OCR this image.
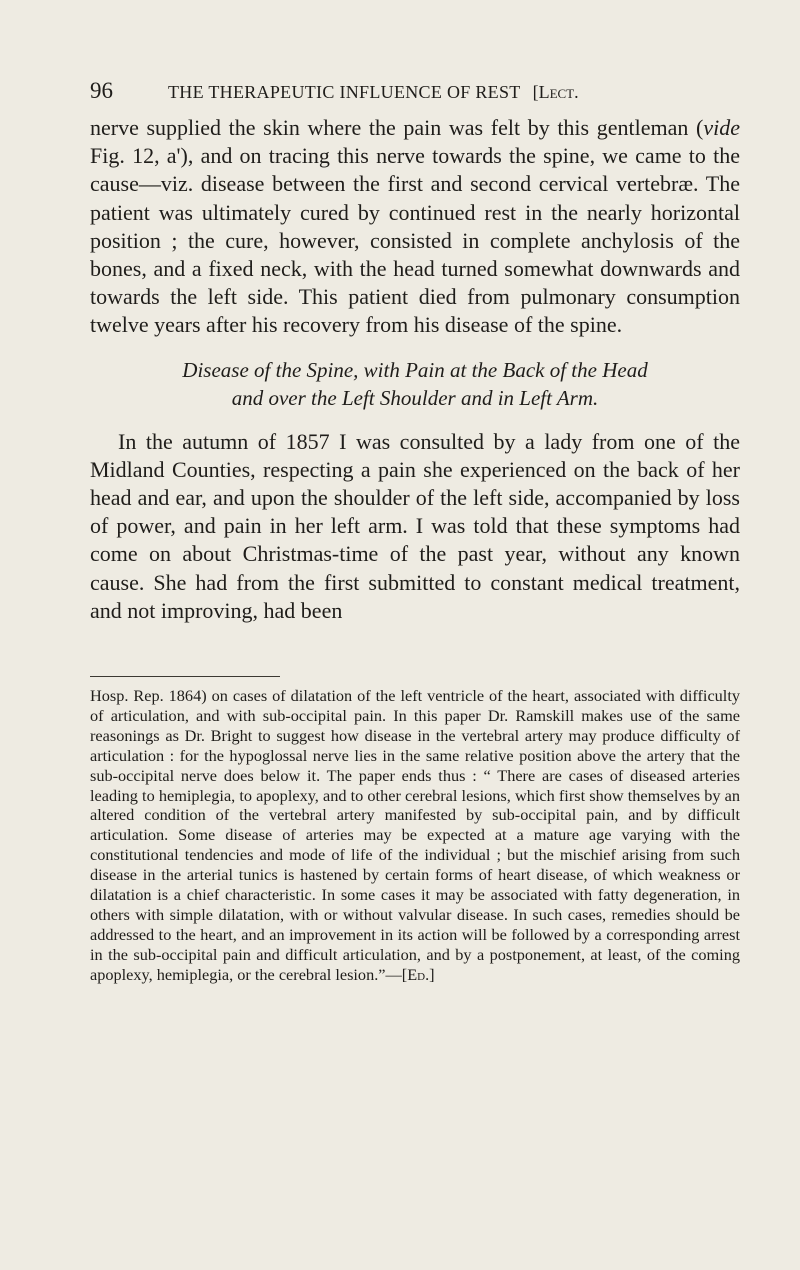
96	THE THERAPEUTIC INFLUENCE OF REST [Lect.

nerve supplied the skin where the pain was felt by this gentleman (vide Fig. 12, a'), and on tracing this nerve towards the spine, we came to the cause—viz. disease between the first and second cervical vertebræ. The patient was ultimately cured by continued rest in the nearly horizontal position ; the cure, however, consisted in complete anchylosis of the bones, and a fixed neck, with the head turned somewhat downwards and towards the left side. This patient died from pulmonary consumption twelve years after his recovery from his disease of the spine.

Disease of the Spine, with Pain at the Back of the Head
and over the Left Shoulder and in Left Arm.

In the autumn of 1857 I was consulted by a lady from one of the Midland Counties, respecting a pain she experienced on the back of her head and ear, and upon the shoulder of the left side, accompanied by loss of power, and pain in her left arm. I was told that these symptoms had come on about Christmas-time of the past year, without any known cause. She had from the first submitted to constant medical treatment, and not improving, had been

Hosp. Rep. 1864) on cases of dilatation of the left ventricle of the heart, associated with difficulty of articulation, and with sub-occipital pain. In this paper Dr. Ramskill makes use of the same reasonings as Dr. Bright to suggest how disease in the vertebral artery may produce difficulty of articulation : for the hypoglossal nerve lies in the same relative position above the artery that the sub-occipital nerve does below it. The paper ends thus : “ There are cases of diseased arteries leading to hemiplegia, to apoplexy, and to other cerebral lesions, which first show themselves by an altered condition of the vertebral artery manifested by sub-occipital pain, and by difficult articulation. Some disease of arteries may be expected at a mature age varying with the constitutional tendencies and mode of life of the individual ; but the mischief arising from such disease in the arterial tunics is hastened by certain forms of heart disease, of which weakness or dilatation is a chief characteristic. In some cases it may be associated with fatty degeneration, in others with simple dilatation, with or without valvular disease. In such cases, remedies should be addressed to the heart, and an improvement in its action will be followed by a corresponding arrest in the sub-occipital pain and difficult articulation, and by a postponement, at least, of the coming apoplexy, hemiplegia, or the cerebral lesion.”—[Ed.]
